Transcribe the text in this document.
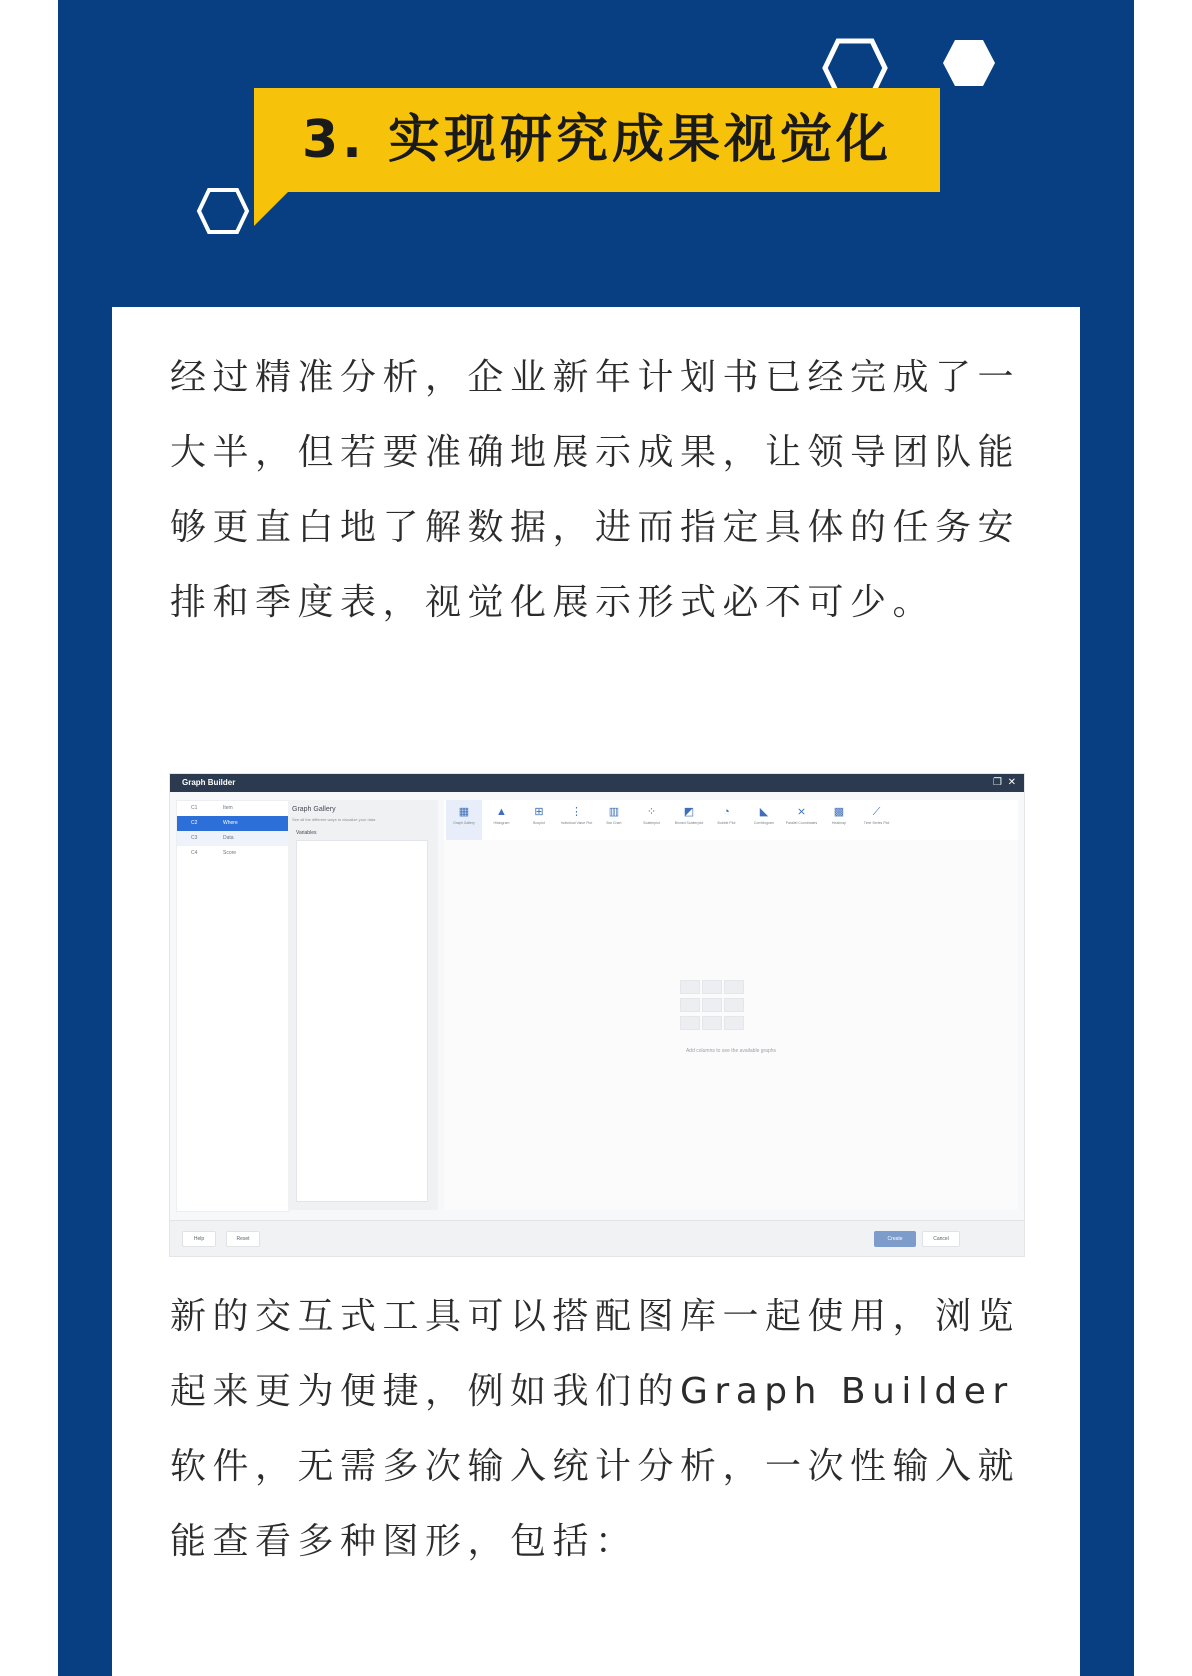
3. 实现研究成果视觉化

经过精准分析，企业新年计划书已经完成了一大半，但若要准确地展示成果，让领导团队能够更直白地了解数据，进而指定具体的任务安排和季度表，视觉化展示形式必不可少。

Graph Builder	❐ ✕
C1	Item
C2	Where
C3	Data
C4	Score
Graph Gallery
See all the different ways to visualize your data
Variables
▦
Graph Gallery
▲
Histogram
⊞
Boxplot
⋮
Individual Value Plot
▥
Bar Chart
⁘
Scatterplot
◩
Binned Scatterplot
◔
Bubble Plot
◣
Corrlelogram
⨯
Parallel Coordinates
▩
Heatmap
⟋
Time Series Plot
Add columns to see the available graphs
Help	Reset	Create	Cancel

新的交互式工具可以搭配图库一起使用，浏览起来更为便捷，例如我们的Graph Builder软件，无需多次输入统计分析，一次性输入就能查看多种图形，包括：
